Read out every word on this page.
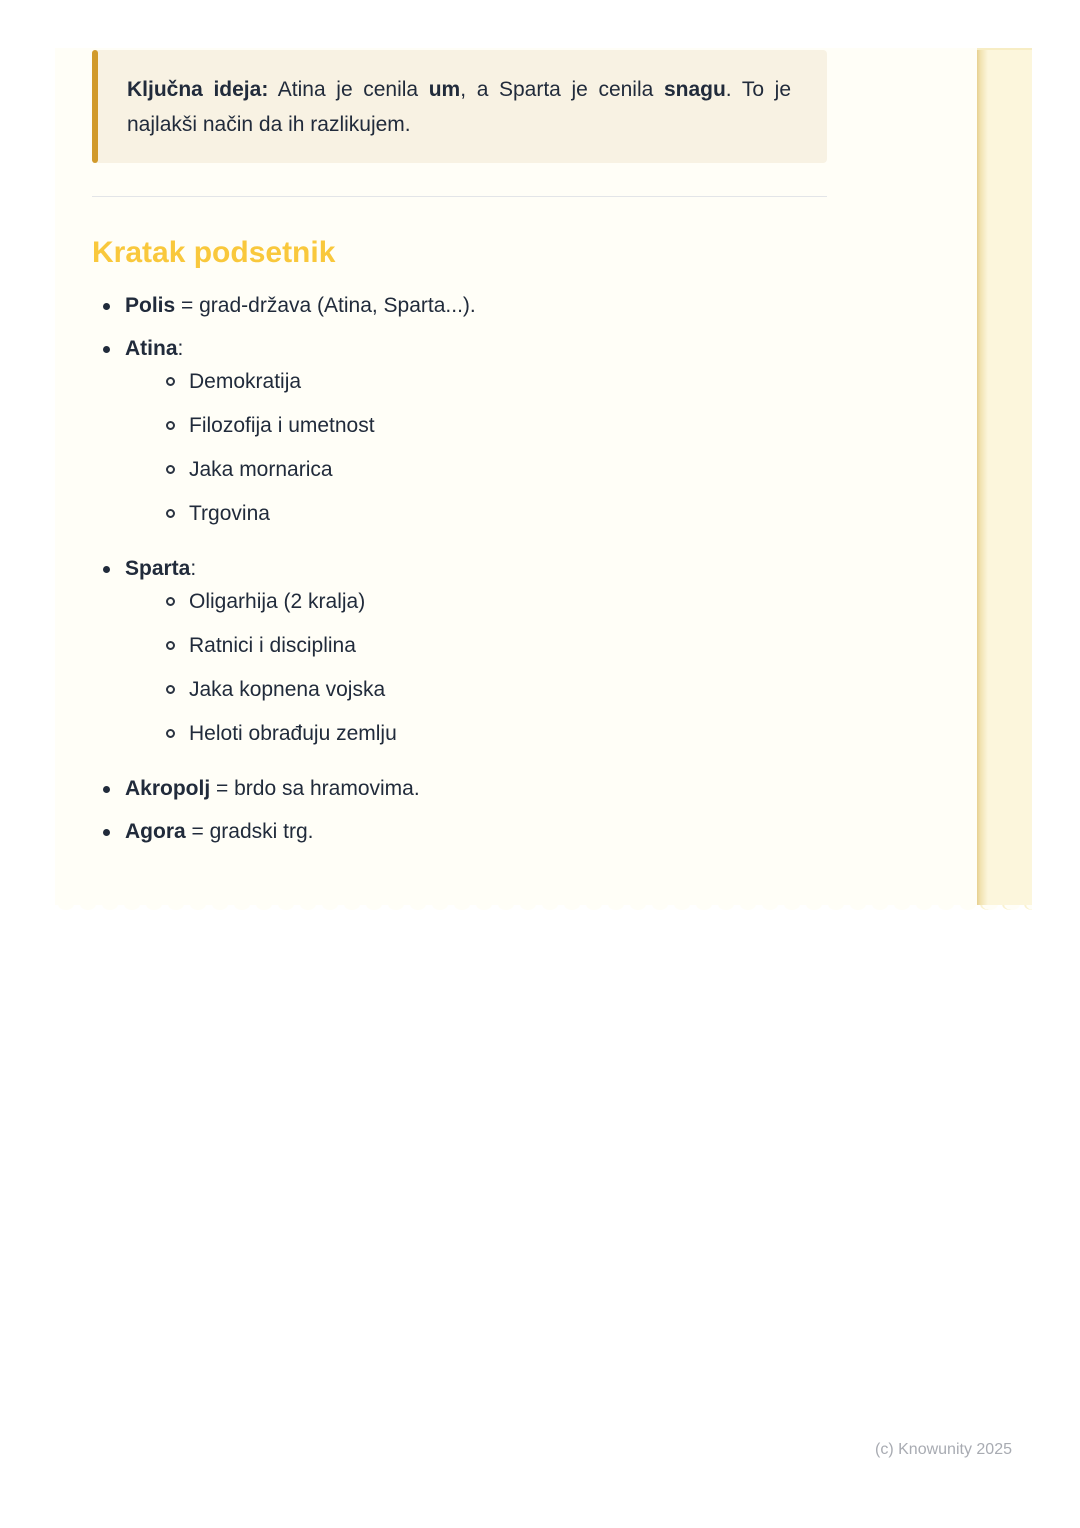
Ključna ideja: Atina je cenila um, a Sparta je cenila snagu. To je
najlakši način da ih razlikujem.
Kratak podsetnik
Polis = grad-država (Atina, Sparta...).
Atina:
Demokratija
Filozofija i umetnost
Jaka mornarica
Trgovina
Sparta:
Oligarhija (2 kralja)
Ratnici i disciplina
Jaka kopnena vojska
Heloti obrađuju zemlju
Akropolj = brdo sa hramovima.
Agora = gradski trg.
(c) Knowunity 2025
